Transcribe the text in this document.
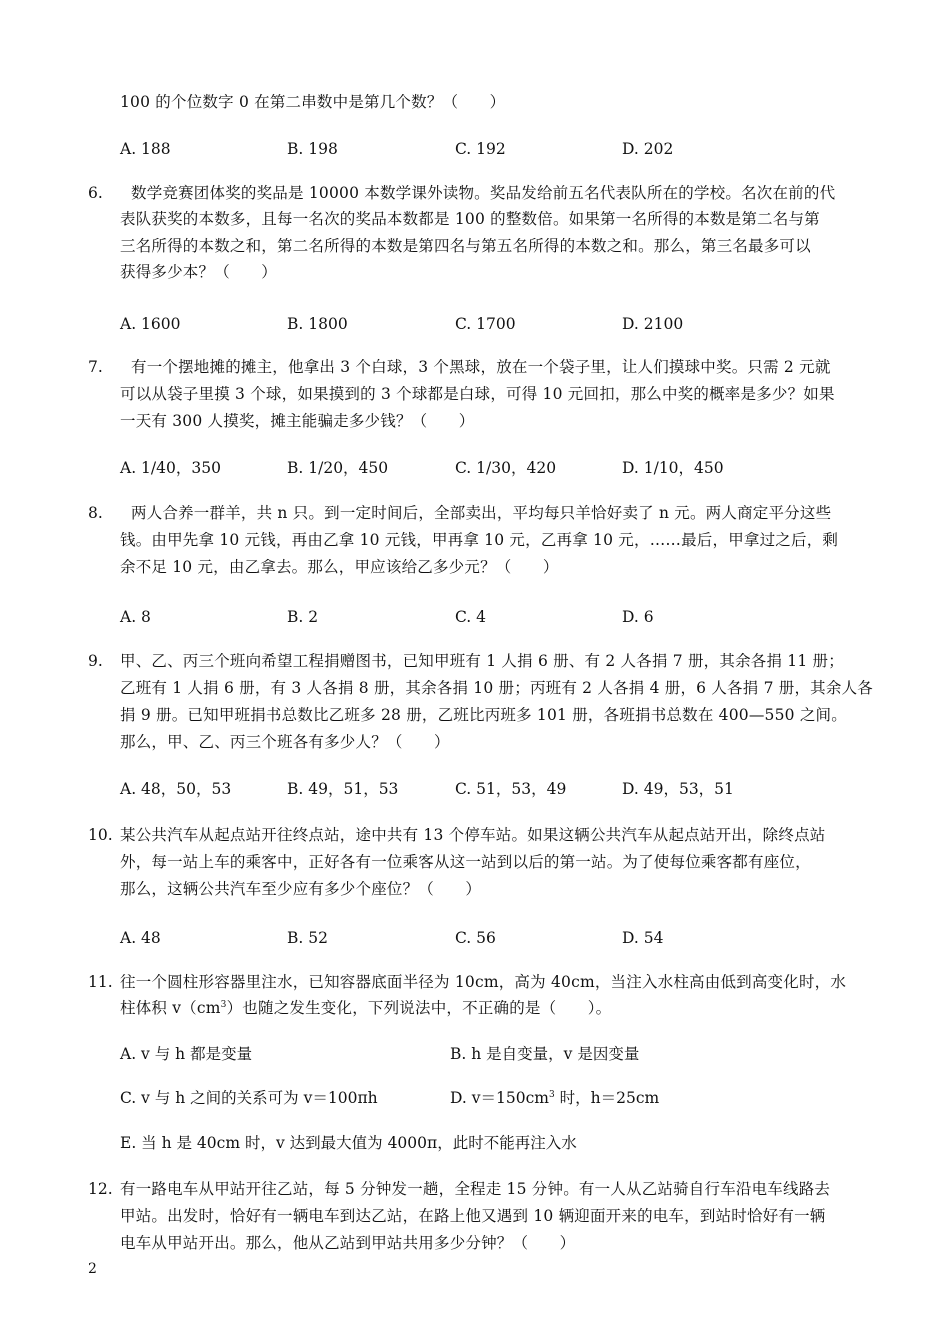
100 的个位数字 0 在第二串数中是第几个数？（　　）
A. 188	B. 198	C. 192	D. 202
6. 数学竞赛团体奖的奖品是 10000 本数学课外读物。奖品发给前五名代表队所在的学校。名次在前的代
表队获奖的本数多，且每一名次的奖品本数都是 100 的整数倍。如果第一名所得的本数是第二名与第
三名所得的本数之和，第二名所得的本数是第四名与第五名所得的本数之和。那么，第三名最多可以
获得多少本？（　　）
A. 1600	B. 1800	C. 1700	D. 2100
7. 有一个摆地摊的摊主，他拿出 3 个白球，3 个黑球，放在一个袋子里，让人们摸球中奖。只需 2 元就
可以从袋子里摸 3 个球，如果摸到的 3 个球都是白球，可得 10 元回扣，那么中奖的概率是多少？如果
一天有 300 人摸奖，摊主能骗走多少钱？（　　）
A. 1/40，350	B. 1/20，450	C. 1/30，420	D. 1/10，450
8. 两人合养一群羊，共 n 只。到一定时间后，全部卖出，平均每只羊恰好卖了 n 元。两人商定平分这些
钱。由甲先拿 10 元钱，再由乙拿 10 元钱，甲再拿 10 元，乙再拿 10 元，……最后，甲拿过之后，剩
余不足 10 元，由乙拿去。那么，甲应该给乙多少元？（　　）
A. 8	B. 2	C. 4	D. 6
9. 甲、乙、丙三个班向希望工程捐赠图书，已知甲班有 1 人捐 6 册、有 2 人各捐 7 册，其余各捐 11 册；
乙班有 1 人捐 6 册，有 3 人各捐 8 册，其余各捐 10 册；丙班有 2 人各捐 4 册，6 人各捐 7 册，其余人各
捐 9 册。已知甲班捐书总数比乙班多 28 册，乙班比丙班多 101 册，各班捐书总数在 400—550 之间。
那么，甲、乙、丙三个班各有多少人？（　　）
A. 48，50，53	B. 49，51，53	C. 51，53，49	D. 49，53，51
10. 某公共汽车从起点站开往终点站，途中共有 13 个停车站。如果这辆公共汽车从起点站开出，除终点站
外，每一站上车的乘客中，正好各有一位乘客从这一站到以后的第一站。为了使每位乘客都有座位，
那么，这辆公共汽车至少应有多少个座位？（　　）
A. 48	B. 52	C. 56	D. 54
11. 往一个圆柱形容器里注水，已知容器底面半径为 10cm，高为 40cm，当注入水柱高由低到高变化时，水
柱体积 $v(cm^3)$也随之发生变化，下列说法中，不正确的是（　　）。
A. v 与 h 都是变量	B. h 是自变量，v 是因变量
C. v 与 h 之间的关系可为 v＝100πh	D. $v=150cm^3$ 时，h＝25cm
E. 当 h 是 40cm 时，v 达到最大值为 4000π，此时不能再注入水
12. 有一路电车从甲站开往乙站，每 5 分钟发一趟，全程走 15 分钟。有一人从乙站骑自行车沿电车线路去
甲站。出发时，恰好有一辆电车到达乙站，在路上他又遇到 10 辆迎面开来的电车，到站时恰好有一辆
电车从甲站开出。那么，他从乙站到甲站共用多少分钟？（　　）
2
